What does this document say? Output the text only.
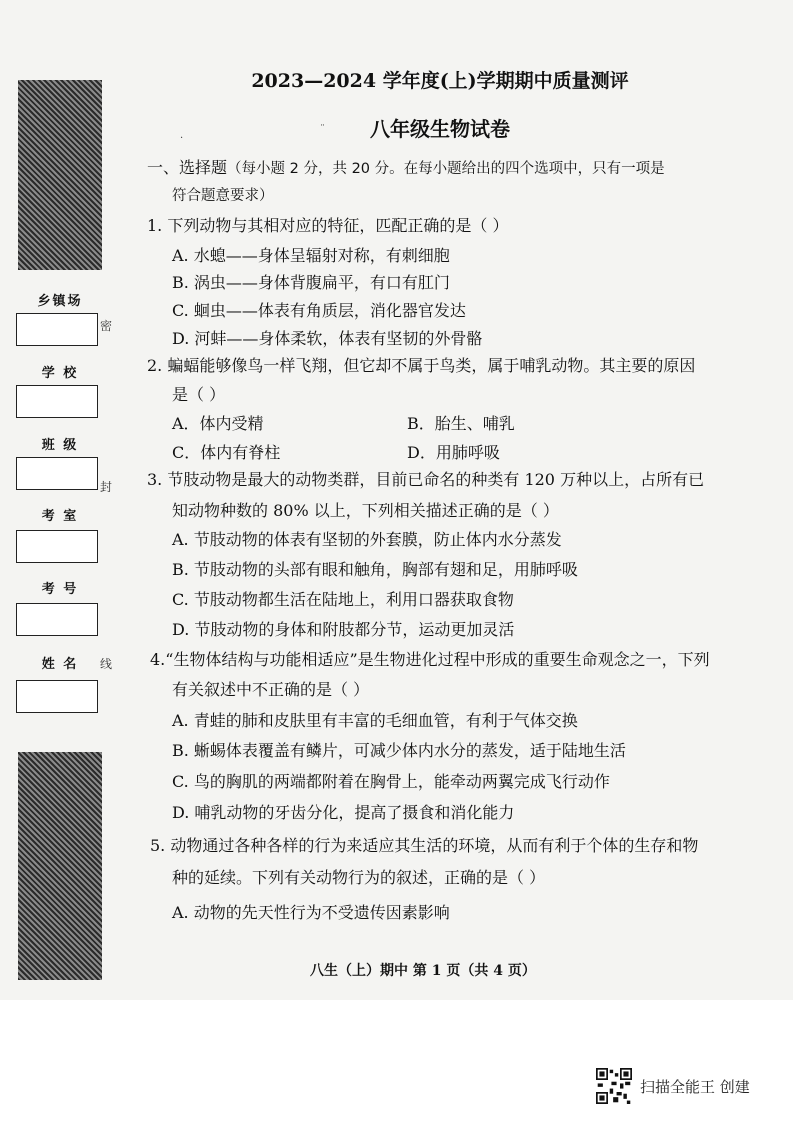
乡镇场
学 校
班 级
考 室
考 号
姓 名
密
封
线
2023—2024 学年度(上)学期期中质量测评
八年级生物试卷
·
¨
一、选择题（每小题 2 分，共 20 分。在每小题给出的四个选项中，只有一项是
符合题意要求）
1. 下列动物与其相对应的特征，匹配正确的是（ ）
A. 水螅——身体呈辐射对称，有刺细胞
B. 涡虫——身体背腹扁平，有口有肛门
C. 蛔虫——体表有角质层，消化器官发达
D. 河蚌——身体柔软，体表有坚韧的外骨骼
2. 蝙蝠能够像鸟一样飞翔，但它却不属于鸟类，属于哺乳动物。其主要的原因
是（ ）
A．体内受精	B．胎生、哺乳
C．体内有脊柱	D．用肺呼吸
3. 节肢动物是最大的动物类群，目前已命名的种类有 120 万种以上，占所有已
知动物种数的 80% 以上，下列相关描述正确的是（ ）
A. 节肢动物的体表有坚韧的外套膜，防止体内水分蒸发
B. 节肢动物的头部有眼和触角，胸部有翅和足，用肺呼吸
C. 节肢动物都生活在陆地上，利用口器获取食物
D. 节肢动物的身体和附肢都分节，运动更加灵活
4.“生物体结构与功能相适应”是生物进化过程中形成的重要生命观念之一，下列
有关叙述中不正确的是（ ）
A. 青蛙的肺和皮肤里有丰富的毛细血管，有利于气体交换
B. 蜥蜴体表覆盖有鳞片，可减少体内水分的蒸发，适于陆地生活
C. 鸟的胸肌的两端都附着在胸骨上，能牵动两翼完成飞行动作
D. 哺乳动物的牙齿分化，提高了摄食和消化能力
5. 动物通过各种各样的行为来适应其生活的环境，从而有利于个体的生存和物
种的延续。下列有关动物行为的叙述，正确的是（ ）
A. 动物的先天性行为不受遗传因素影响
八生（上）期中 第 1 页（共 4 页）
扫描全能王 创建
